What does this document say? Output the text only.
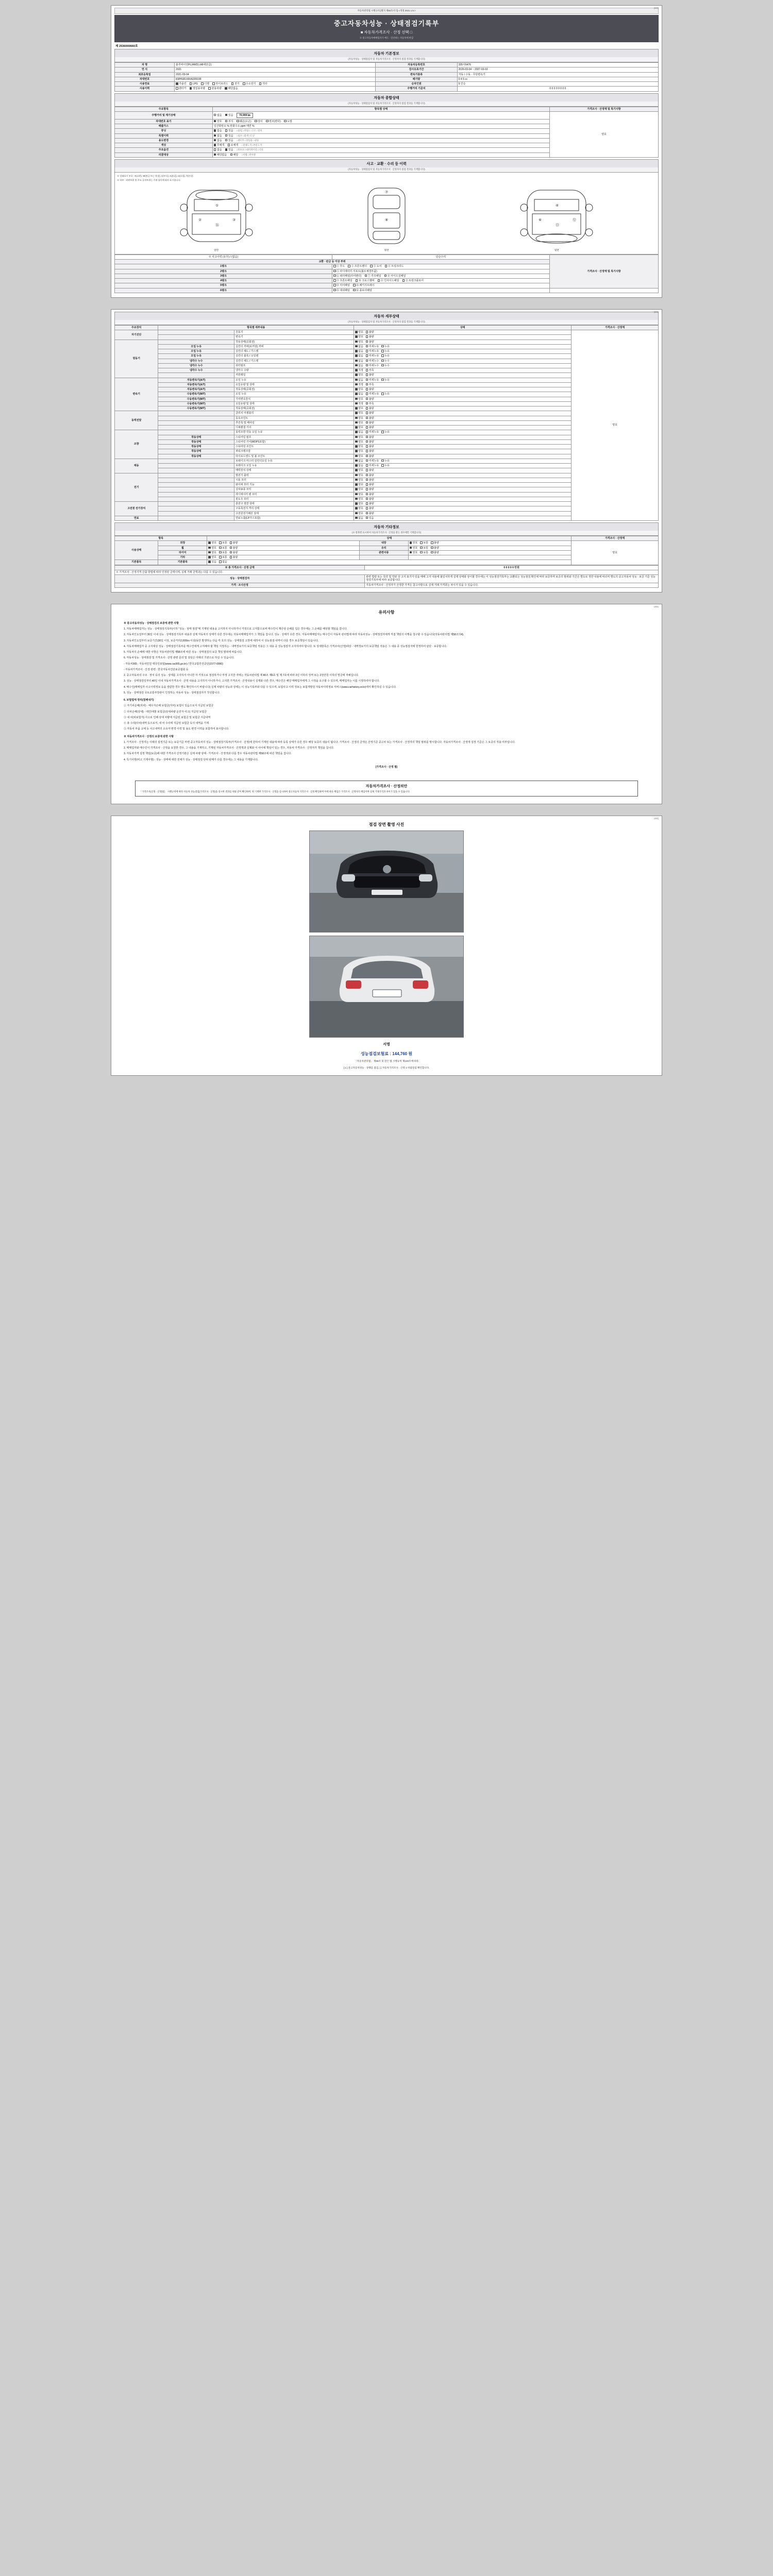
(1/4)
자동차관리법 시행규칙 [별지 제82호서식] <개정 2021.1.5.>
중고자동차성능 · 상태점검기록부
■ 자동차가격조사 · 산정 선택 □
※ 중고자동차매매업자가 매도 · 알선하는 자동차에 한함
제 2536000660호
자동차 기본정보
(자동차성능 · 상태점검자 및 자동차가격조사 · 산정자의 점검 결과를 기재합니다)
차 명	블루바이언PL(4WD) (48세단급)	자동차등록번호	335서6476
연 식	2021	검사유효기간	2026-03-04 ~ 2027-03-03
최초등록일	2021-03-04	변속기종류	자동 / 수동 · 무단변속기
차대번호	KMHS81X8XA209199	배기량	0 4 6 cc
사용연료	가솔린 LPG 디젤 하이브리드 전기 수소전기 기타	승차인원	5 인승
사용이력	렌터카 영업용차량 관용차량 해당없음	주행거리 기준치	0 0 0 0 0 0 0 0
자동차 종합상태
(자동차성능 · 상태점검자 및 자동차가격조사 · 산정자의 점검 결과를 기재합니다)
주요항목	항목별 상태	가격조사 · 산정액 및 특기사항
주행거리 및 계기상태	없음 있음 70,909 ㎞	양호
차대번호 표기	양호 부식 훼손(오손) 상이 변조(변타) 도말	
배출가스	일산화탄소 % 탄화수소 ppm 매연 %	
튜닝	없음 있음 □불법 □적법 / □구조 □장치	
특별이력	없음 있음 □침수 □화재 □도난	
용도변경	없음 있음 □렌터카 □영업용 □관용	
색상	무채색 유채색 □전체도색 □부분도색	
주요옵션	없음 있음 □썬루프 □내비게이션 □기타	
리콜대상	해당없음 해당 □이행 □미이행	
사고 · 교환 · 수리 등 이력
(자동차성능 · 상태점검자 및 자동차가격조사 · 산정자의 점검 결과를 기재합니다)
※ 상태표시 부호 : X(교환), W(판금 또는 용접), C(부식), A(흠집), U(요철), T(손상)
※ 하부 · 외판부위 및 주요 골격부위는 기재 항목에 따라 표시합니다.
①
⑯
②	③
앞면
⑦
⑧
윗면
④
⑬
⑥	⑫
뒷면
※ 사고이력 (유무) / (없음)	단순수리	가격조사 · 산정액 및 특기사항
교환 · 판금 등 이상 부위		
1랭크	① 후드 ② 프론트펜더 ③ 도어 ④ 트렁크리드	
2랭크	⑤ 라디에이터 서포트(볼트체결부품)	
3랭크	⑥ 쿼터패널(리어펜더) ⑦ 루프패널 ⑧ 사이드실패널	
4랭크	⑨ 프론트패널 ⑩ 크로스멤버 ⑪ 인사이드패널 ⑫ 트렁크플로어	
5랭크	⑬ 리어패널 ⑭ 패키지트레이	
6랭크	⑮ 대쉬패널 ⑯ 플로어패널	
(2/4)
자동차 세부상태
(자동차성능 · 상태점검자 및 자동차가격조사 · 산정자의 점검 결과를 기재합니다)
주요장치	항목별 세부내용		상태	가격조사 · 산정액
자기진단		원동기	양호 불량	양호
		변속기	양호 불량	
원동기		작동상태(공회전)	양호 불량	
	오일 누유	실린더 커버(로커암) 커버	없음 미세누유 누유	
	오일 누유	실린더 헤드 / 가스켓	없음 미세누유 누유	
	오일 누유	실린더 블록 / 오일팬	없음 미세누유 누유	
	냉각수 누수	실린더 헤드 / 가스켓	없음 미세누수 누수	
	냉각수 누수	워터펌프	없음 미세누수 누수	
	냉각수 누수	냉각수 수량	적정 부족	
		커먼레일	양호 불량	
변속기	자동변속기(A/T)	오일 누유	없음 미세누유 누유	
	자동변속기(A/T)	오일유량 및 상태	적정 부족	
	자동변속기(A/T)	작동상태(공회전)	양호 불량	
	수동변속기(M/T)	오일 누유	없음 미세누유 누유	
	수동변속기(M/T)	기어변속장치	양호 불량	
	수동변속기(M/T)	오일유량 및 상태	적정 부족	
	수동변속기(M/T)	작동상태(공회전)	양호 불량	
동력전달		클러치 어셈블리	양호 불량	
		등속조인트	양호 불량	
		추진축 및 베어링	양호 불량	
		디퍼렌셜 기어	양호 불량	
조향		동력조향 작동 오일 누유	없음 미세누유 누유	
	작동상태	스티어링 펌프	양호 불량	
	작동상태	스티어링 기어(MDPS포함)	양호 불량	
	작동상태	스티어링 조인트	양호 불량	
	작동상태	파워크랭크암	양호 불량	
	작동상태	타이로드엔드 및 볼 조인트	양호 불량	
제동		브레이크 마스터 실린더오일 누유	없음 미세누유 누유	
		브레이크 오일 누유	없음 미세누유 누유	
		배력장치 상태	양호 불량	
전기		발전기 출력	양호 불량	
		시동 모터	양호 불량	
		와이퍼 모터 기능	양호 불량	
		실내송풍 모터	양호 불량	
		라디에이터 팬 모터	양호 불량	
		윈도우 모터	양호 불량	
고전원 전기장치		충전구 절연 상태	양호 불량	
		구동축전지 격리 상태	양호 불량	
		고전원전기배선 상태	양호 불량	
연료		연료누출(LP가스포함)	없음 있음	
자동차 기타정보
(※ 항목별 표시하여 자동차가격조사 · 산정을 받는 경우에만 기재합니다)
항목		상태			가격조사 · 산정액
사용상태	외장	양호 보통 불량	내장	양호 보통 불량	양호
	휠	양호 보통 불량	유리	양호 보통 불량	
	타이어	양호 보통 불량	관련서류	양호 보통 불량	
	기타	양호 보통 불량			
기본품목	기본품목	있음 없음			
※ 총 가격조사 · 산정 금액	0 0 0 0 0 만원
※ 가격조사 · 산정가격 산출 방법에 따라 인정된 금액이며, 실제 거래 금액과는 다를 수 있습니다.	
성능 · 상태점검자	관련 법령 또는 특약 및 약관 상 고지 표기가 있을 때에 고지 내용에 불일치하게 실제 상태와 상이할 경우에는 이 성능점검기록부는 교환되는 성능점검 확인에 따라 보증하며 보증의 범위와 기간은 별도로 정한 내용에 따르며 별도의 중고자동차 성능 · 보증 기준 성능점검기록부에 따라 보증합니다.
가격 · 조사산정	자동차가격조사 · 산정자가 산정한 가격은 참고사항으로 실제 거래 가격과는 차이가 있을 수 있습니다.
(3/4)
유의사항

※ 중고자동차성능 · 상태점검의 보증에 관한 사항

1. 자동차매매업자는 성능 · 상태점검기록부(이하 "성능 · 상태 점검"에 기재된 내용을 고지하지 아니하거나 거짓으로 고지함으로써 매수인이 재산상 손해를 입은 경우에는 그 손해를 배상할 책임을 집니다.

2. 자동차인도일부터 30일 이내 성능 · 상태점검기록부 내용과 실제 자동차의 상태가 다른 경우에는 자동차매매업자가 그 책임을 집니다. 성능 · 상태가 다른 경우, 자동차매매업자는 매수인이 자동차 관리법에 따라 자동차성능 · 상태점검자에게 직접 책임의 이행을 청구할 수 있습니다(자동차관리법 제58조의4).

3. 자동차인도일부터 보증기간(30일 이상, 보증거리2,000㎞ 이상)동안 발생하는 다음 각 호의 성능 · 상태점검 고장에 대하여 이 성능점검 내역이 다를 경우 보증책임이 있습니다.

4. 자동차매매업자 중 고지대상 성능 · 상태점검기록부를 매수인에게 고지해야 할 책임 지정하는 · 내역정보가의 보증책임 적용은 그 내용 중 성능점검자 고지하여야 합니다. 또 상세항목은 가격조사(산정)대상 · 내역정보가의 보증책임 적용은 그 내용 중 성능점검자에 한정하여 판단 · 보증합니다.

5. 자동차의 손해에 대한 사항은 자동차관리법 제58조에 따른 성능 · 상태점검의 보증 책임 범위에 따릅니다.

6. 자동차성능 · 상태점검 및 가격조사 · 산정 관련 문의 및 상담은 아래의 기관으로 하실 수 있습니다.

- 자동차365 : 자동차민원 대국민포털(www.car365.go.kr) / 한국교통안전공단(1577-0990)

- 자동차가격조사 · 산정 관련 : 한국자동차진단보증협회 등

2. 중고자동차의 구조 · 장치 등의 성능 · 상태를 고지하지 아니한 자 거짓으로 점검하거나 부정 고지한 자에는 자동차관리법 제 80조 제6호 및 제 7호에 따라 2년 이하의 징역 또는 2천만원 이하의 벌금에 처해집니다.

3. 성능 · 상태점검일부터 40일 이내 자동차가격조사 · 산정 내용을 고지하지 아니하거나, 고지한 가격조사 · 산정내용이 실제와 다른 경우, 매수인은 해당 매매업자에게 그 시정을 요구할 수 있으며, 매매업자는 이를 시정하여야 합니다.

4. 매수인(매매업자 사고이력정보 등을 열람한 경우 별도 확인하시기 바랍니다) 실제 차량의 성능과 상태는 이 성능기록부와 다를 수 있으며, 보험사고 이력 정보는 보험개발원 자동차이력정보 서비스(www.carhistory.or.kr)에서 확인하실 수 있습니다.

5. 성능 · 상태점검 국토교통부장관이 인정하는 자동차 성능 · 상태점검자가 작성합니다.

6. 보험법에 정리(침해내기)

① 자기차손해(자차) · 배우자손해 보험금(자차) 보험이 있음으로서 지급된 보험금

② 타차손해(상대) · 대인/대물 보험금(상대차량 운전자 사고) 지급된 보험금

③ 내 차(피보험자) 사고로 인해 상대 차량에 지급된 보험금 및 보험금 지급내역

④ 총 수리(타차)내역 등으로서, 내 차 수리에 지급된 보험금 등의 내역을 기재

⑤ 자동차 부품 교체 등 사고내역의 소유자 변경 이력 및 용도 변경 이력을 포함하여 표시합니다.

※ 자동차가격조사 · 산정의 보증에 관한 사항

1. 가격조사 · 산정자는 이래의 설정기준 또는 보증기준 마련 중고자동차의 성능 · 상태점검기록부(가격조사 · 산정)에 한하여 기재된 내용에 따라 등록 상태가 다른 경우 해당 보증의 내용이 됩니다. 가격조사 · 산정의 금액은 산정기준 중고차 또는 가격조사 · 산정자의 책임 범위를 명시합니다. 자동차가격조사 · 산정액 설정 기준은 그 보증의 적용 여부입니다.

2. 매매업자와 매수인이 가격조사 · 산정을 요청한 경우, 그 내용을 기재하고, 기재된 자동차가격조사 · 산정액과 실제와 이 사이에 책임이 있는 경우, 자동차 가격조사 · 산정자가 책임을 집니다.

3. 자동차가격 설정 책임(보증)에 대한 가격조사 산정기관은 실제 차량 상태 · 가격조사 · 산정액과 다를 경우 자동차관리법 제58조에 따른 책임을 집니다.

4. 특기사항(비고 기재사항) : 성능 · 상태에 대한 전체가 성능 · 상태점검 단위 판매가 다를 경우에는 그 내용을 기재합니다.

(가격조사 · 산정 필)

자동차가격조사 · 산정의안
「가격조사(산정 · 산정)법」 시행규칙에 따라 자동차 성능점검(가격조사 · 산정)을 실시한 결과를 위와 같이 확인하며, 위 기재한 가격조사 · 산정을 실시하여 중고자동차 가격조사 · 산정 확인하며 이에 따른 책임은 가격조사 · 산정자의 책임이며 실제 거래가격과 차이가 있을 수 있습니다.
(4/4)
점검 장면 촬영 사진
서명
성능점검보험료 : 144,760 원
「자동차관리법」 제58조 및 같은 법 시행규칙 제120조에 따라
[ 1 ] 중고자동차성능 · 상태를 점검, [ ] 자동차가격조사 · 산정 1 바랍점검 확인합니다.
